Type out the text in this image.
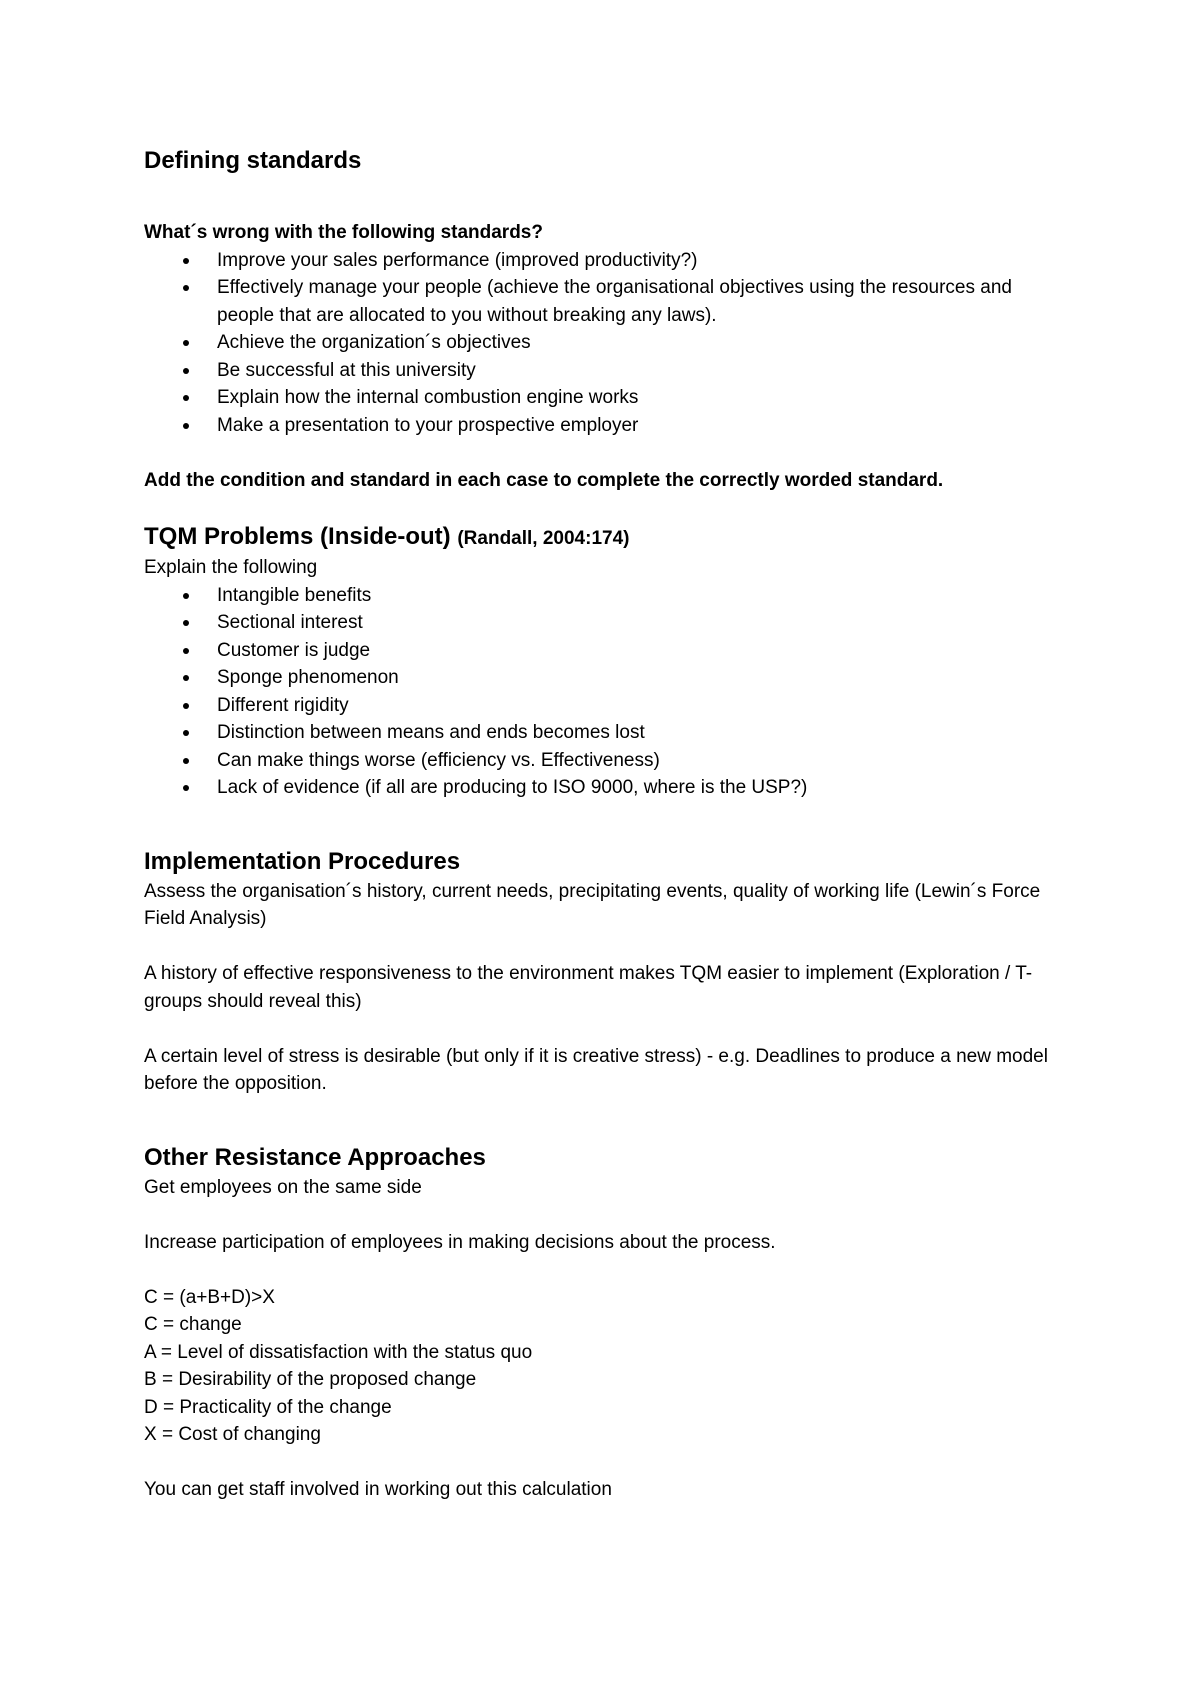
Defining standards

What´s wrong with the following standards?

Improve your sales performance (improved productivity?)
Effectively manage your people (achieve the organisational objectives using the resources and people that are allocated to you without breaking any laws).
Achieve the organization´s objectives
Be successful at this university
Explain how the internal combustion engine works
Make a presentation to your prospective employer

Add the condition and standard in each case to complete the correctly worded standard.

TQM Problems (Inside-out) (Randall, 2004:174)

Explain the following

Intangible benefits
Sectional interest
Customer is judge
Sponge phenomenon
Different rigidity
Distinction between means and ends becomes lost
Can make things worse (efficiency vs. Effectiveness)
Lack of evidence (if all are producing to ISO 9000, where is the USP?)
Implementation Procedures

Assess the organisation´s history, current needs, precipitating events, quality of working life (Lewin´s Force Field Analysis)

A history of effective responsiveness to the environment makes TQM easier to implement (Exploration / T-groups should reveal this)

A certain level of stress is desirable (but only if it is creative stress) - e.g. Deadlines to produce a new model before the opposition.

Other Resistance Approaches

Get employees on the same side

Increase participation of employees in making decisions about the process.

C = (a+B+D)>X

C = change

A = Level of dissatisfaction with the status quo

B = Desirability of the proposed change

D = Practicality of the change

X = Cost of changing

You can get staff involved in working out this calculation
